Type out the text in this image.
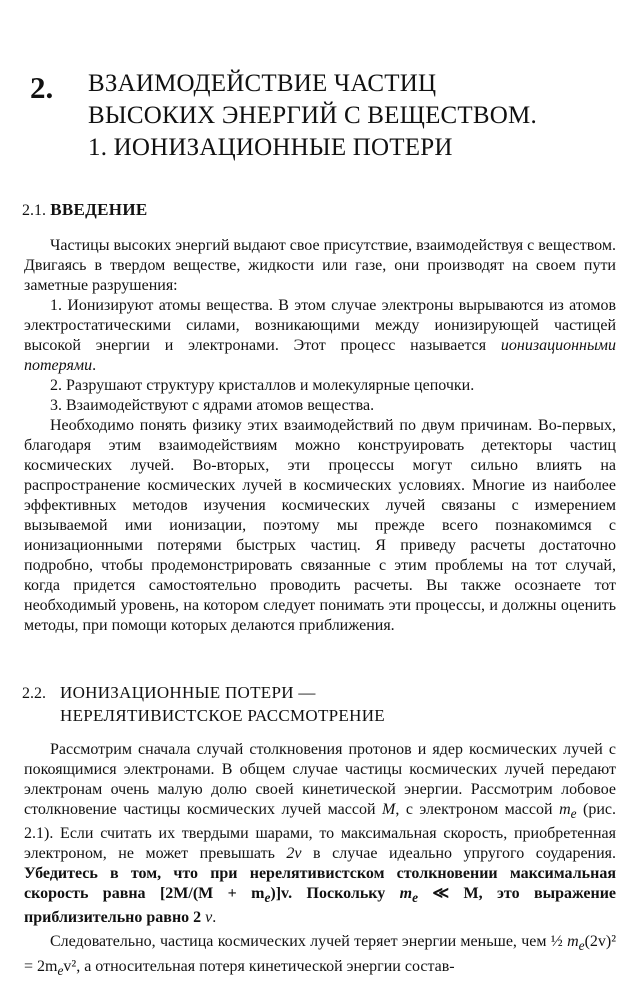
2. ВЗАИМОДЕЙСТВИЕ ЧАСТИЦ
ВЫСОКИХ ЭНЕРГИЙ С ВЕЩЕСТВОМ.
1. ИОНИЗАЦИОННЫЕ ПОТЕРИ
2.1. ВВЕДЕНИЕ

Частицы высоких энергий выдают свое присутствие, взаимодействуя с веществом. Двигаясь в твердом веществе, жидкости или газе, они производят на своем пути заметные разрушения:

1. Ионизируют атомы вещества. В этом случае электроны вырываются из атомов электростатическими силами, возникающими между ионизирующей частицей высокой энергии и электронами. Этот процесс называется ионизационными потерями.

2. Разрушают структуру кристаллов и молекулярные цепочки.

3. Взаимодействуют с ядрами атомов вещества.

Необходимо понять физику этих взаимодействий по двум причинам. Во-первых, благодаря этим взаимодействиям можно конструировать детекторы частиц космических лучей. Во-вторых, эти процессы могут сильно влиять на распространение космических лучей в космических условиях. Многие из наиболее эффективных методов изучения космических лучей связаны с измерением вызываемой ими ионизации, поэтому мы прежде всего познакомимся с ионизационными потерями быстрых частиц. Я приведу расчеты достаточно подробно, чтобы продемонстрировать связанные с этим проблемы на тот случай, когда придется самостоятельно проводить расчеты. Вы также осознаете тот необходимый уровень, на котором следует понимать эти процессы, и должны оценить методы, при помощи которых делаются приближения.

2.2. ИОНИЗАЦИОННЫЕ ПОТЕРИ —
НЕРЕЛЯТИВИСТСКОЕ РАССМОТРЕНИЕ

Рассмотрим сначала случай столкновения протонов и ядер космических лучей с покоящимися электронами. В общем случае частицы космических лучей передают электронам очень малую долю своей кинетической энергии. Рассмотрим лобовое столкновение частицы космических лучей массой M, с электроном массой $m_e$ (рис. 2.1). Если считать их твердыми шарами, то максимальная скорость, приобретенная электроном, не может превышать 2v в случае идеально упругого соударения. Убедитесь в том, что при нерелятивистском столкновении максимальная скорость равна $[2M/(M + m_e)]v$. Поскольку $m_e$ ≪ M, это выражение приблизительно равно 2 v.

Следовательно, частица космических лучей теряет энергии меньше, чем ½ $m_e(2v)^2 = 2m_ev^2$, а относительная потеря кинетической энергии состав-
